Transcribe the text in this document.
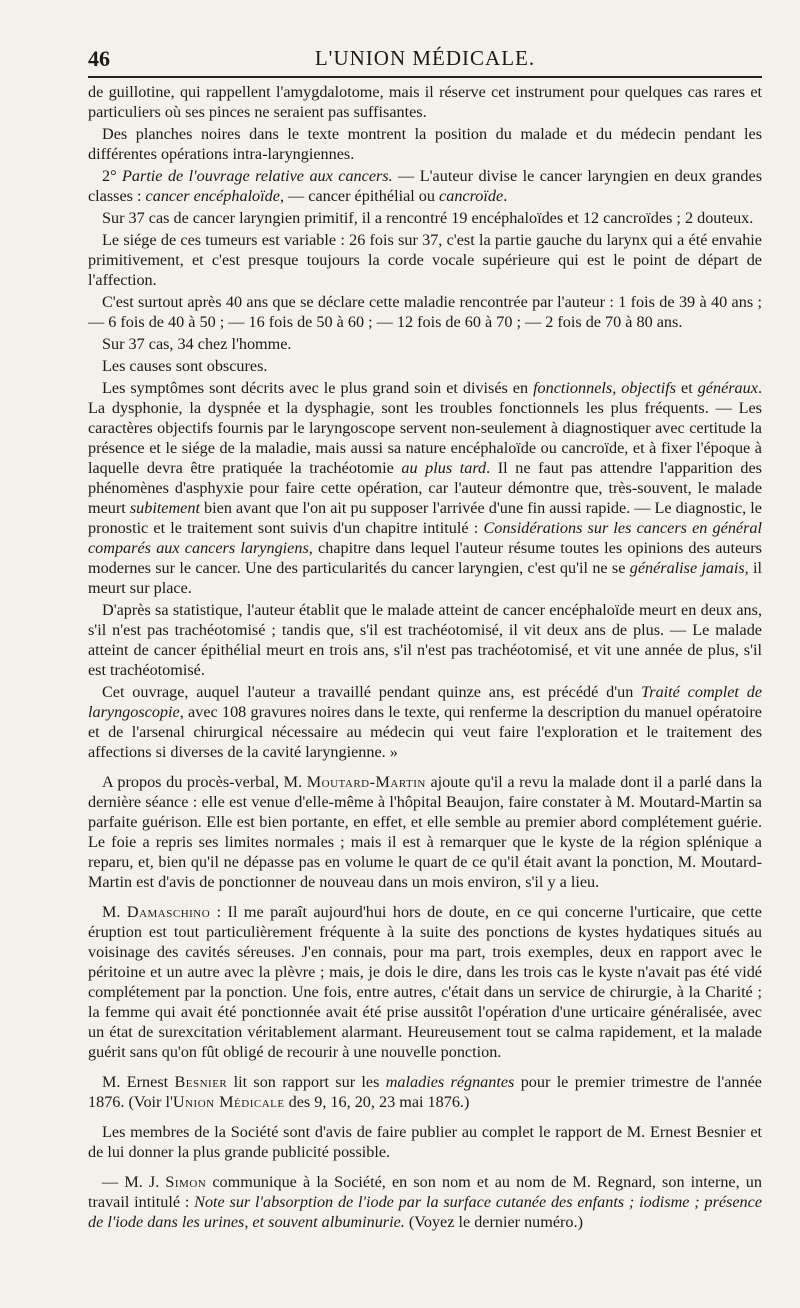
46	L'UNION MÉDICALE.

de guillotine, qui rappellent l'amygdalotome, mais il réserve cet instrument pour quelques cas rares et particuliers où ses pinces ne seraient pas suffisantes.

Des planches noires dans le texte montrent la position du malade et du médecin pendant les différentes opérations intra-laryngiennes.

2° Partie de l'ouvrage relative aux cancers. — L'auteur divise le cancer laryngien en deux grandes classes : cancer encéphaloïde, — cancer épithélial ou cancroïde.

Sur 37 cas de cancer laryngien primitif, il a rencontré 19 encéphaloïdes et 12 cancroïdes ; 2 douteux.

Le siége de ces tumeurs est variable : 26 fois sur 37, c'est la partie gauche du larynx qui a été envahie primitivement, et c'est presque toujours la corde vocale supérieure qui est le point de départ de l'affection.

C'est surtout après 40 ans que se déclare cette maladie rencontrée par l'auteur : 1 fois de 39 à 40 ans ; — 6 fois de 40 à 50 ; — 16 fois de 50 à 60 ; — 12 fois de 60 à 70 ; — 2 fois de 70 à 80 ans.

Sur 37 cas, 34 chez l'homme.

Les causes sont obscures.

Les symptômes sont décrits avec le plus grand soin et divisés en fonctionnels, objectifs et généraux. La dysphonie, la dyspnée et la dysphagie, sont les troubles fonctionnels les plus fréquents. — Les caractères objectifs fournis par le laryngoscope servent non-seulement à diagnostiquer avec certitude la présence et le siége de la maladie, mais aussi sa nature encéphaloïde ou cancroïde, et à fixer l'époque à laquelle devra être pratiquée la trachéotomie au plus tard. Il ne faut pas attendre l'apparition des phénomènes d'asphyxie pour faire cette opération, car l'auteur démontre que, très-souvent, le malade meurt subitement bien avant que l'on ait pu supposer l'arrivée d'une fin aussi rapide. — Le diagnostic, le pronostic et le traitement sont suivis d'un chapitre intitulé : Considérations sur les cancers en général comparés aux cancers laryngiens, chapitre dans lequel l'auteur résume toutes les opinions des auteurs modernes sur le cancer. Une des particularités du cancer laryngien, c'est qu'il ne se généralise jamais, il meurt sur place.

D'après sa statistique, l'auteur établit que le malade atteint de cancer encéphaloïde meurt en deux ans, s'il n'est pas trachéotomisé ; tandis que, s'il est trachéotomisé, il vit deux ans de plus. — Le malade atteint de cancer épithélial meurt en trois ans, s'il n'est pas trachéotomisé, et vit une année de plus, s'il est trachéotomisé.

Cet ouvrage, auquel l'auteur a travaillé pendant quinze ans, est précédé d'un Traité complet de laryngoscopie, avec 108 gravures noires dans le texte, qui renferme la description du manuel opératoire et de l'arsenal chirurgical nécessaire au médecin qui veut faire l'exploration et le traitement des affections si diverses de la cavité laryngienne. »

A propos du procès-verbal, M. Moutard-Martin ajoute qu'il a revu la malade dont il a parlé dans la dernière séance : elle est venue d'elle-même à l'hôpital Beaujon, faire constater à M. Moutard-Martin sa parfaite guérison. Elle est bien portante, en effet, et elle semble au premier abord complétement guérie. Le foie a repris ses limites normales ; mais il est à remarquer que le kyste de la région splénique a reparu, et, bien qu'il ne dépasse pas en volume le quart de ce qu'il était avant la ponction, M. Moutard-Martin est d'avis de ponctionner de nouveau dans un mois environ, s'il y a lieu.

M. Damaschino : Il me paraît aujourd'hui hors de doute, en ce qui concerne l'urticaire, que cette éruption est tout particulièrement fréquente à la suite des ponctions de kystes hydatiques situés au voisinage des cavités séreuses. J'en connais, pour ma part, trois exemples, deux en rapport avec le péritoine et un autre avec la plèvre ; mais, je dois le dire, dans les trois cas le kyste n'avait pas été vidé complétement par la ponction. Une fois, entre autres, c'était dans un service de chirurgie, à la Charité ; la femme qui avait été ponctionnée avait été prise aussitôt l'opération d'une urticaire généralisée, avec un état de surexcitation véritablement alarmant. Heureusement tout se calma rapidement, et la malade guérit sans qu'on fût obligé de recourir à une nouvelle ponction.

M. Ernest Besnier lit son rapport sur les maladies régnantes pour le premier trimestre de l'année 1876. (Voir l'Union Médicale des 9, 16, 20, 23 mai 1876.)

Les membres de la Société sont d'avis de faire publier au complet le rapport de M. Ernest Besnier et de lui donner la plus grande publicité possible.

— M. J. Simon communique à la Société, en son nom et au nom de M. Regnard, son interne, un travail intitulé : Note sur l'absorption de l'iode par la surface cutanée des enfants ; iodisme ; présence de l'iode dans les urines, et souvent albuminurie. (Voyez le dernier numéro.)
